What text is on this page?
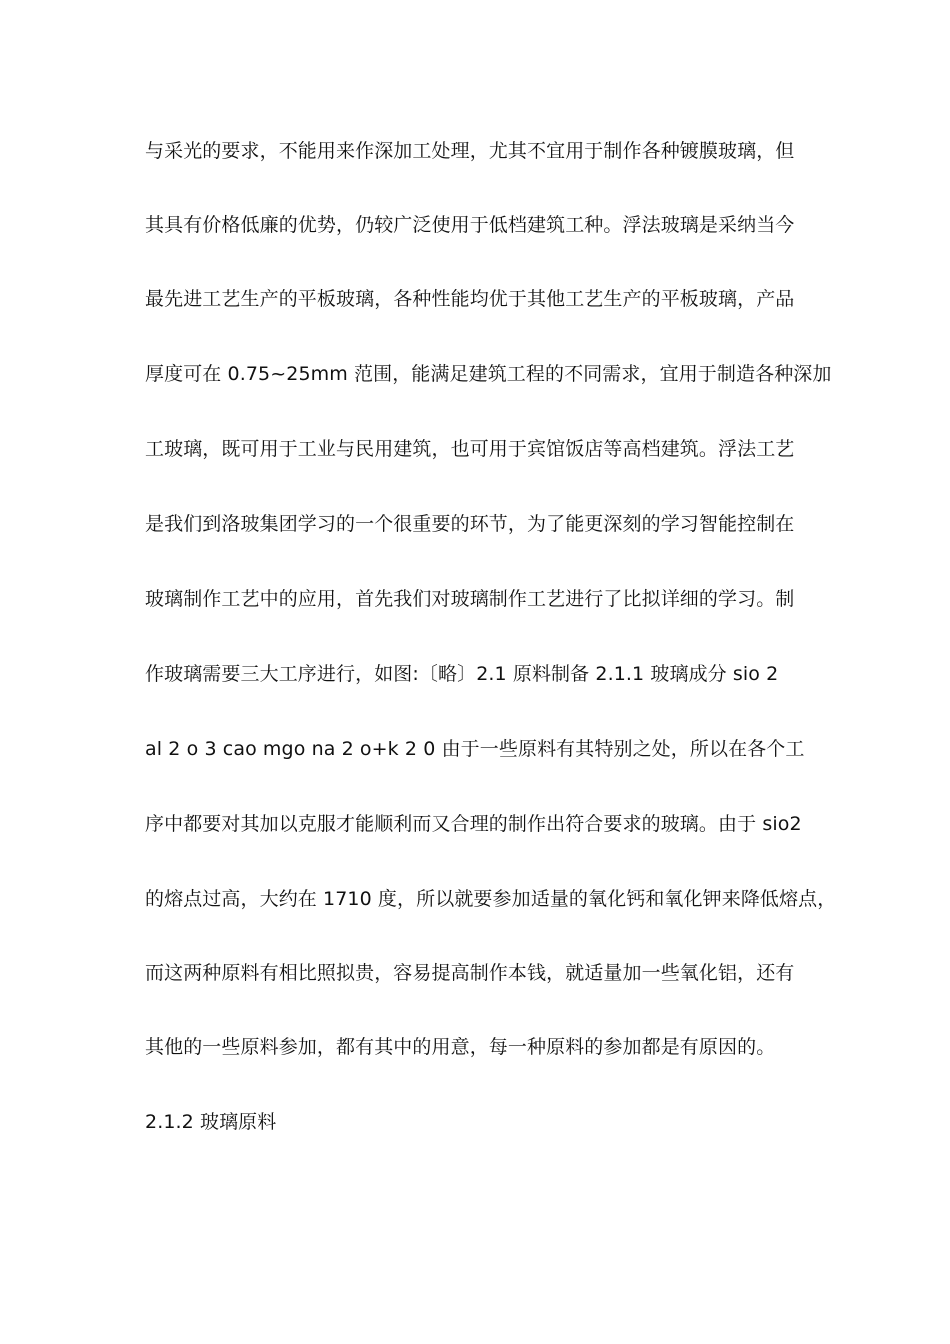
与采光的要求，不能用来作深加工处理，尤其不宜用于制作各种镀膜玻璃，但
其具有价格低廉的优势，仍较广泛使用于低档建筑工种。浮法玻璃是采纳当今
最先进工艺生产的平板玻璃，各种性能均优于其他工艺生产的平板玻璃，产品
厚度可在 0.75~25mm 范围，能满足建筑工程的不同需求，宜用于制造各种深加
工玻璃，既可用于工业与民用建筑，也可用于宾馆饭店等高档建筑。浮法工艺
是我们到洛玻集团学习的一个很重要的环节，为了能更深刻的学习智能控制在
玻璃制作工艺中的应用，首先我们对玻璃制作工艺进行了比拟详细的学习。制
作玻璃需要三大工序进行，如图:〔略〕2.1 原料制备 2.1.1 玻璃成分 sio 2
al 2 o 3 cao mgo na 2 o+k 2 0 由于一些原料有其特别之处，所以在各个工
序中都要对其加以克服才能顺利而又合理的制作出符合要求的玻璃。由于 sio2
的熔点过高，大约在 1710 度，所以就要参加适量的氧化钙和氧化钾来降低熔点，
而这两种原料有相比照拟贵，容易提高制作本钱，就适量加一些氧化铝，还有
其他的一些原料参加，都有其中的用意，每一种原料的参加都是有原因的。
2.1.2 玻璃原料
